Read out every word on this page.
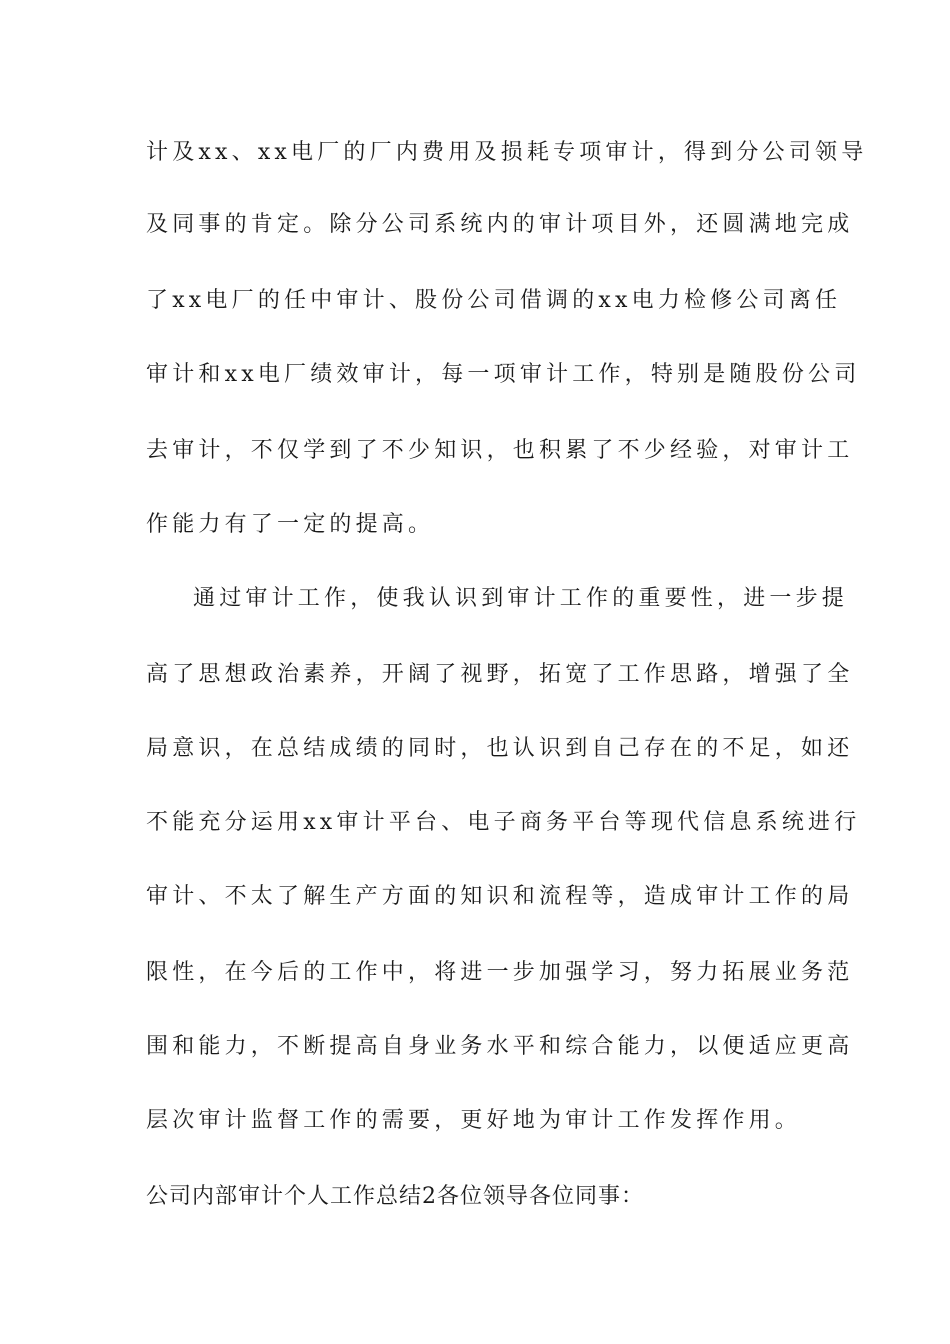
计及xx、xx电厂的厂内费用及损耗专项审计，得到分公司领导
及同事的肯定。除分公司系统内的审计项目外，还圆满地完成
了xx电厂的任中审计、股份公司借调的xx电力检修公司离任
审计和xx电厂绩效审计，每一项审计工作，特别是随股份公司
去审计，不仅学到了不少知识，也积累了不少经验，对审计工
作能力有了一定的提高。
通过审计工作，使我认识到审计工作的重要性，进一步提
高了思想政治素养，开阔了视野，拓宽了工作思路，增强了全
局意识，在总结成绩的同时，也认识到自己存在的不足，如还
不能充分运用xx审计平台、电子商务平台等现代信息系统进行
审计、不太了解生产方面的知识和流程等，造成审计工作的局
限性，在今后的工作中，将进一步加强学习，努力拓展业务范
围和能力，不断提高自身业务水平和综合能力，以便适应更高
层次审计监督工作的需要，更好地为审计工作发挥作用。
公司内部审计个人工作总结2各位领导各位同事：
